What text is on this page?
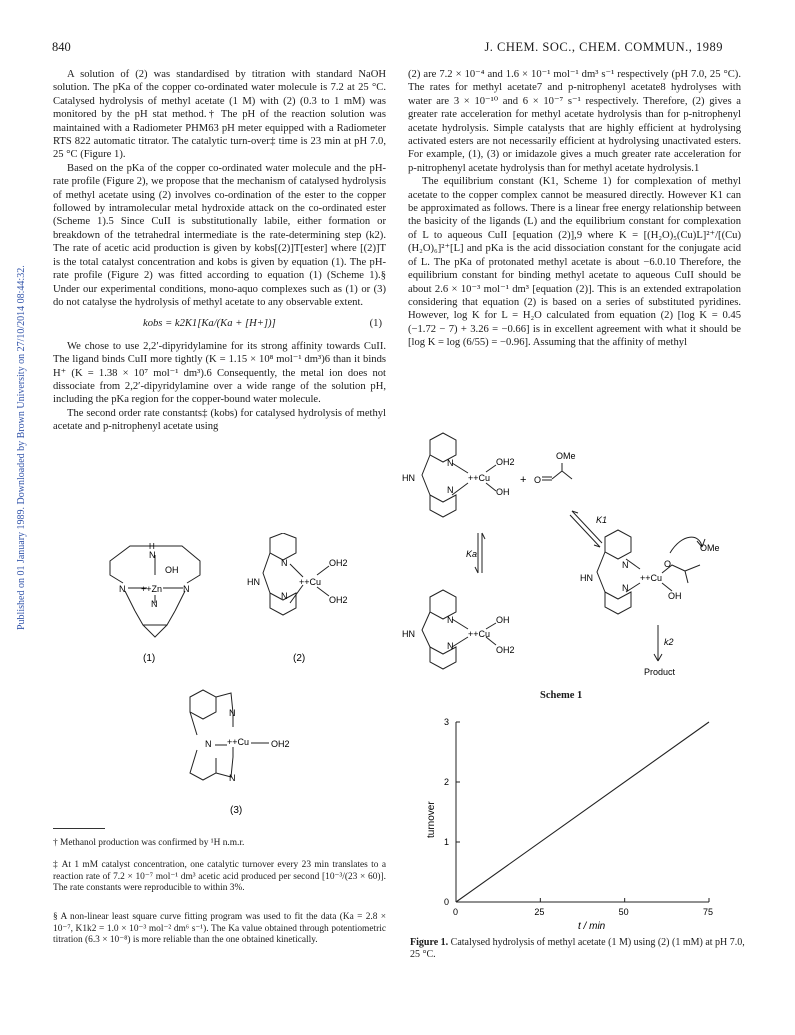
840	J. CHEM. SOC., CHEM. COMMUN., 1989
Published on 01 January 1989. Downloaded by Brown University on 27/10/2014 08:44:32.

A solution of (2) was standardised by titration with standard NaOH solution. The pKa of the copper co-ordinated water molecule is 7.2 at 25 °C. Catalysed hydrolysis of methyl acetate (1 M) with (2) (0.3 to 1 mM) was monitored by the pH stat method.† The pH of the reaction solution was maintained with a Radiometer PHM63 pH meter equipped with a Radiometer RTS 822 automatic titrator. The catalytic turn-over‡ time is 23 min at pH 7.0, 25 °C (Figure 1).

Based on the pKa of the copper co-ordinated water molecule and the pH-rate profile (Figure 2), we propose that the mechanism of catalysed hydrolysis of methyl acetate using (2) involves co-ordination of the ester to the copper followed by intramolecular metal hydroxide attack on the co-ordinated ester (Scheme 1).5 Since CuII is substitutionally labile, either formation or breakdown of the tetrahedral intermediate is the rate-determining step (k2). The rate of acetic acid production is given by kobs[(2)]T[ester] where [(2)]T is the total catalyst concentration and kobs is given by equation (1). The pH-rate profile (Figure 2) was fitted according to equation (1) (Scheme 1).§ Under our experimental conditions, mono-aquo complexes such as (1) or (3) do not catalyse the hydrolysis of methyl acetate to any observable extent.

kobs = k2K1[Ka/(Ka + [H+])]	(1)

We chose to use 2,2′-dipyridylamine for its strong affinity towards CuII. The ligand binds CuII more tightly (K = 1.15 × 10⁸ mol⁻¹ dm³)6 than it binds H⁺ (K = 1.38 × 10⁷ mol⁻¹ dm³).6 Consequently, the metal ion does not dissociate from 2,2′-dipyridylamine over a wide range of the solution pH, including the pKa region for the copper-bound water molecule.

The second order rate constants‡ (kobs) for catalysed hydrolysis of methyl acetate and p-nitrophenyl acetate using

(2) are 7.2 × 10⁻⁴ and 1.6 × 10⁻¹ mol⁻¹ dm³ s⁻¹ respectively (pH 7.0, 25 °C). The rates for methyl acetate7 and p-nitrophenyl acetate8 hydrolyses with water are 3 × 10⁻¹⁰ and 6 × 10⁻⁷ s⁻¹ respectively. Therefore, (2) gives a greater rate acceleration for methyl acetate hydrolysis than for p-nitrophenyl acetate hydrolysis. Simple catalysts that are highly efficient at hydrolysing activated esters are not necessarily efficient at hydrolysing unactivated esters. For example, (1), (3) or imidazole gives a much greater rate acceleration for p-nitrophenyl acetate hydrolysis than for methyl acetate hydrolysis.1

The equilibrium constant (K1, Scheme 1) for complexation of methyl acetate to the copper complex cannot be measured directly. However K1 can be approximated as follows. There is a linear free energy relationship between the basicity of the ligands (L) and the equilibrium constant for complexation of L to aqueous CuII [equation (2)],9 where K = [(H₂O)₅(Cu)L]²⁺/[(Cu)(H₂O)₆]²⁺[L] and pKa is the acid dissociation constant for the conjugate acid of L. The pKa of protonated methyl acetate is about −6.0.10 Therefore, the equilibrium constant for binding methyl acetate to aqueous CuII should be about 2.6 × 10⁻³ mol⁻¹ dm³ [equation (2)]. This is an extended extrapolation considering that equation (2) is based on a series of substituted pyridines. However, log K for L = H₂O calculated from equation (2) [log K = 0.45 (−1.72 − 7) + 3.26 = −0.66] is in excellent agreement with what it should be [log K = log (6/55) = −0.96]. Assuming that the affinity of methyl

N
H
OH
++Zn
N	N
N
N
N
HN	++Cu
OH2
OH2
(1)	(2)
N
N
N ++Cu OH2
(3)
† Methanol production was confirmed by ¹H n.m.r.
‡ At 1 mM catalyst concentration, one catalytic turnover every 23 min translates to a reaction rate of 7.2 × 10⁻⁷ mol⁻¹ dm³ acetic acid produced per second [10⁻³/(23 × 60)]. The rate constants were reproducible to within 3%.
§ A non-linear least square curve fitting program was used to fit the data (Ka = 2.8 × 10⁻⁷, K1k2 = 1.0 × 10⁻³ mol⁻² dm⁶ s⁻¹). The Ka value obtained through potentiometric titration (6.3 × 10⁻⁸) is more reliable than the one obtained kinetically.
N
N
HN	++Cu
OH2
OH
+ O
OMe
K1
Ka
N
N
HN	++Cu
OH
OH2
N
N
HN	++Cu
O
OMe
OH
k2
Product
Scheme 1
0	25	50	75
0
1
2
3
turnover
t / min
Figure 1. Catalysed hydrolysis of methyl acetate (1 M) using (2) (1 mM) at pH 7.0, 25 °C.
